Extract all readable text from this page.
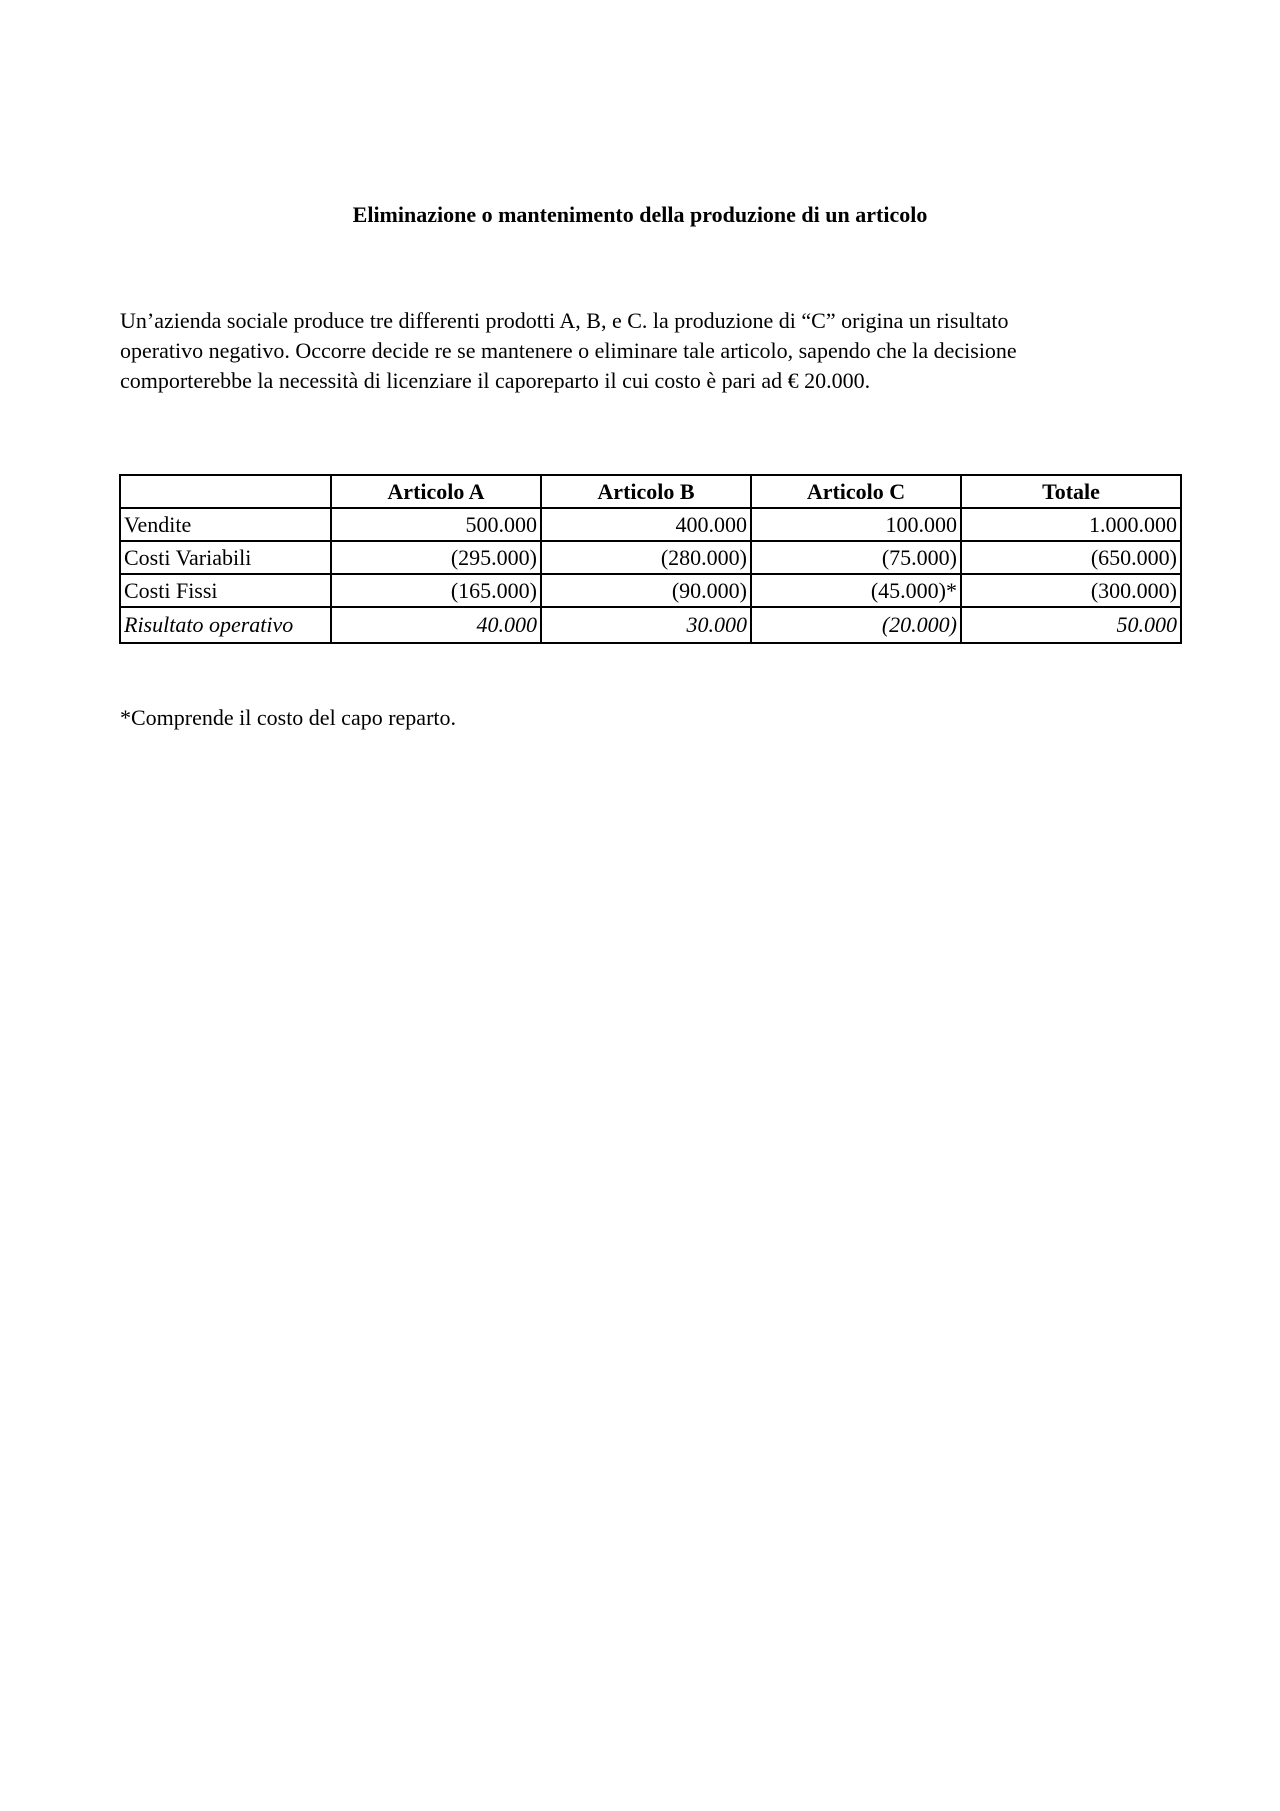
Eliminazione o mantenimento della produzione di un articolo
Un’azienda sociale produce tre differenti prodotti A, B, e C. la produzione di “C” origina un risultato
operativo negativo. Occorre decide re se mantenere o eliminare tale articolo, sapendo che la decisione
comporterebbe la necessità di licenziare il caporeparto il cui costo è pari ad € 20.000.
	Articolo A	Articolo B	Articolo C	Totale
Vendite	500.000	400.000	100.000	1.000.000
Costi Variabili	(295.000)	(280.000)	(75.000)	(650.000)
Costi Fissi	(165.000)	(90.000)	(45.000)*	(300.000)
Risultato operativo	40.000	30.000	(20.000)	50.000
*Comprende il costo del capo reparto.
